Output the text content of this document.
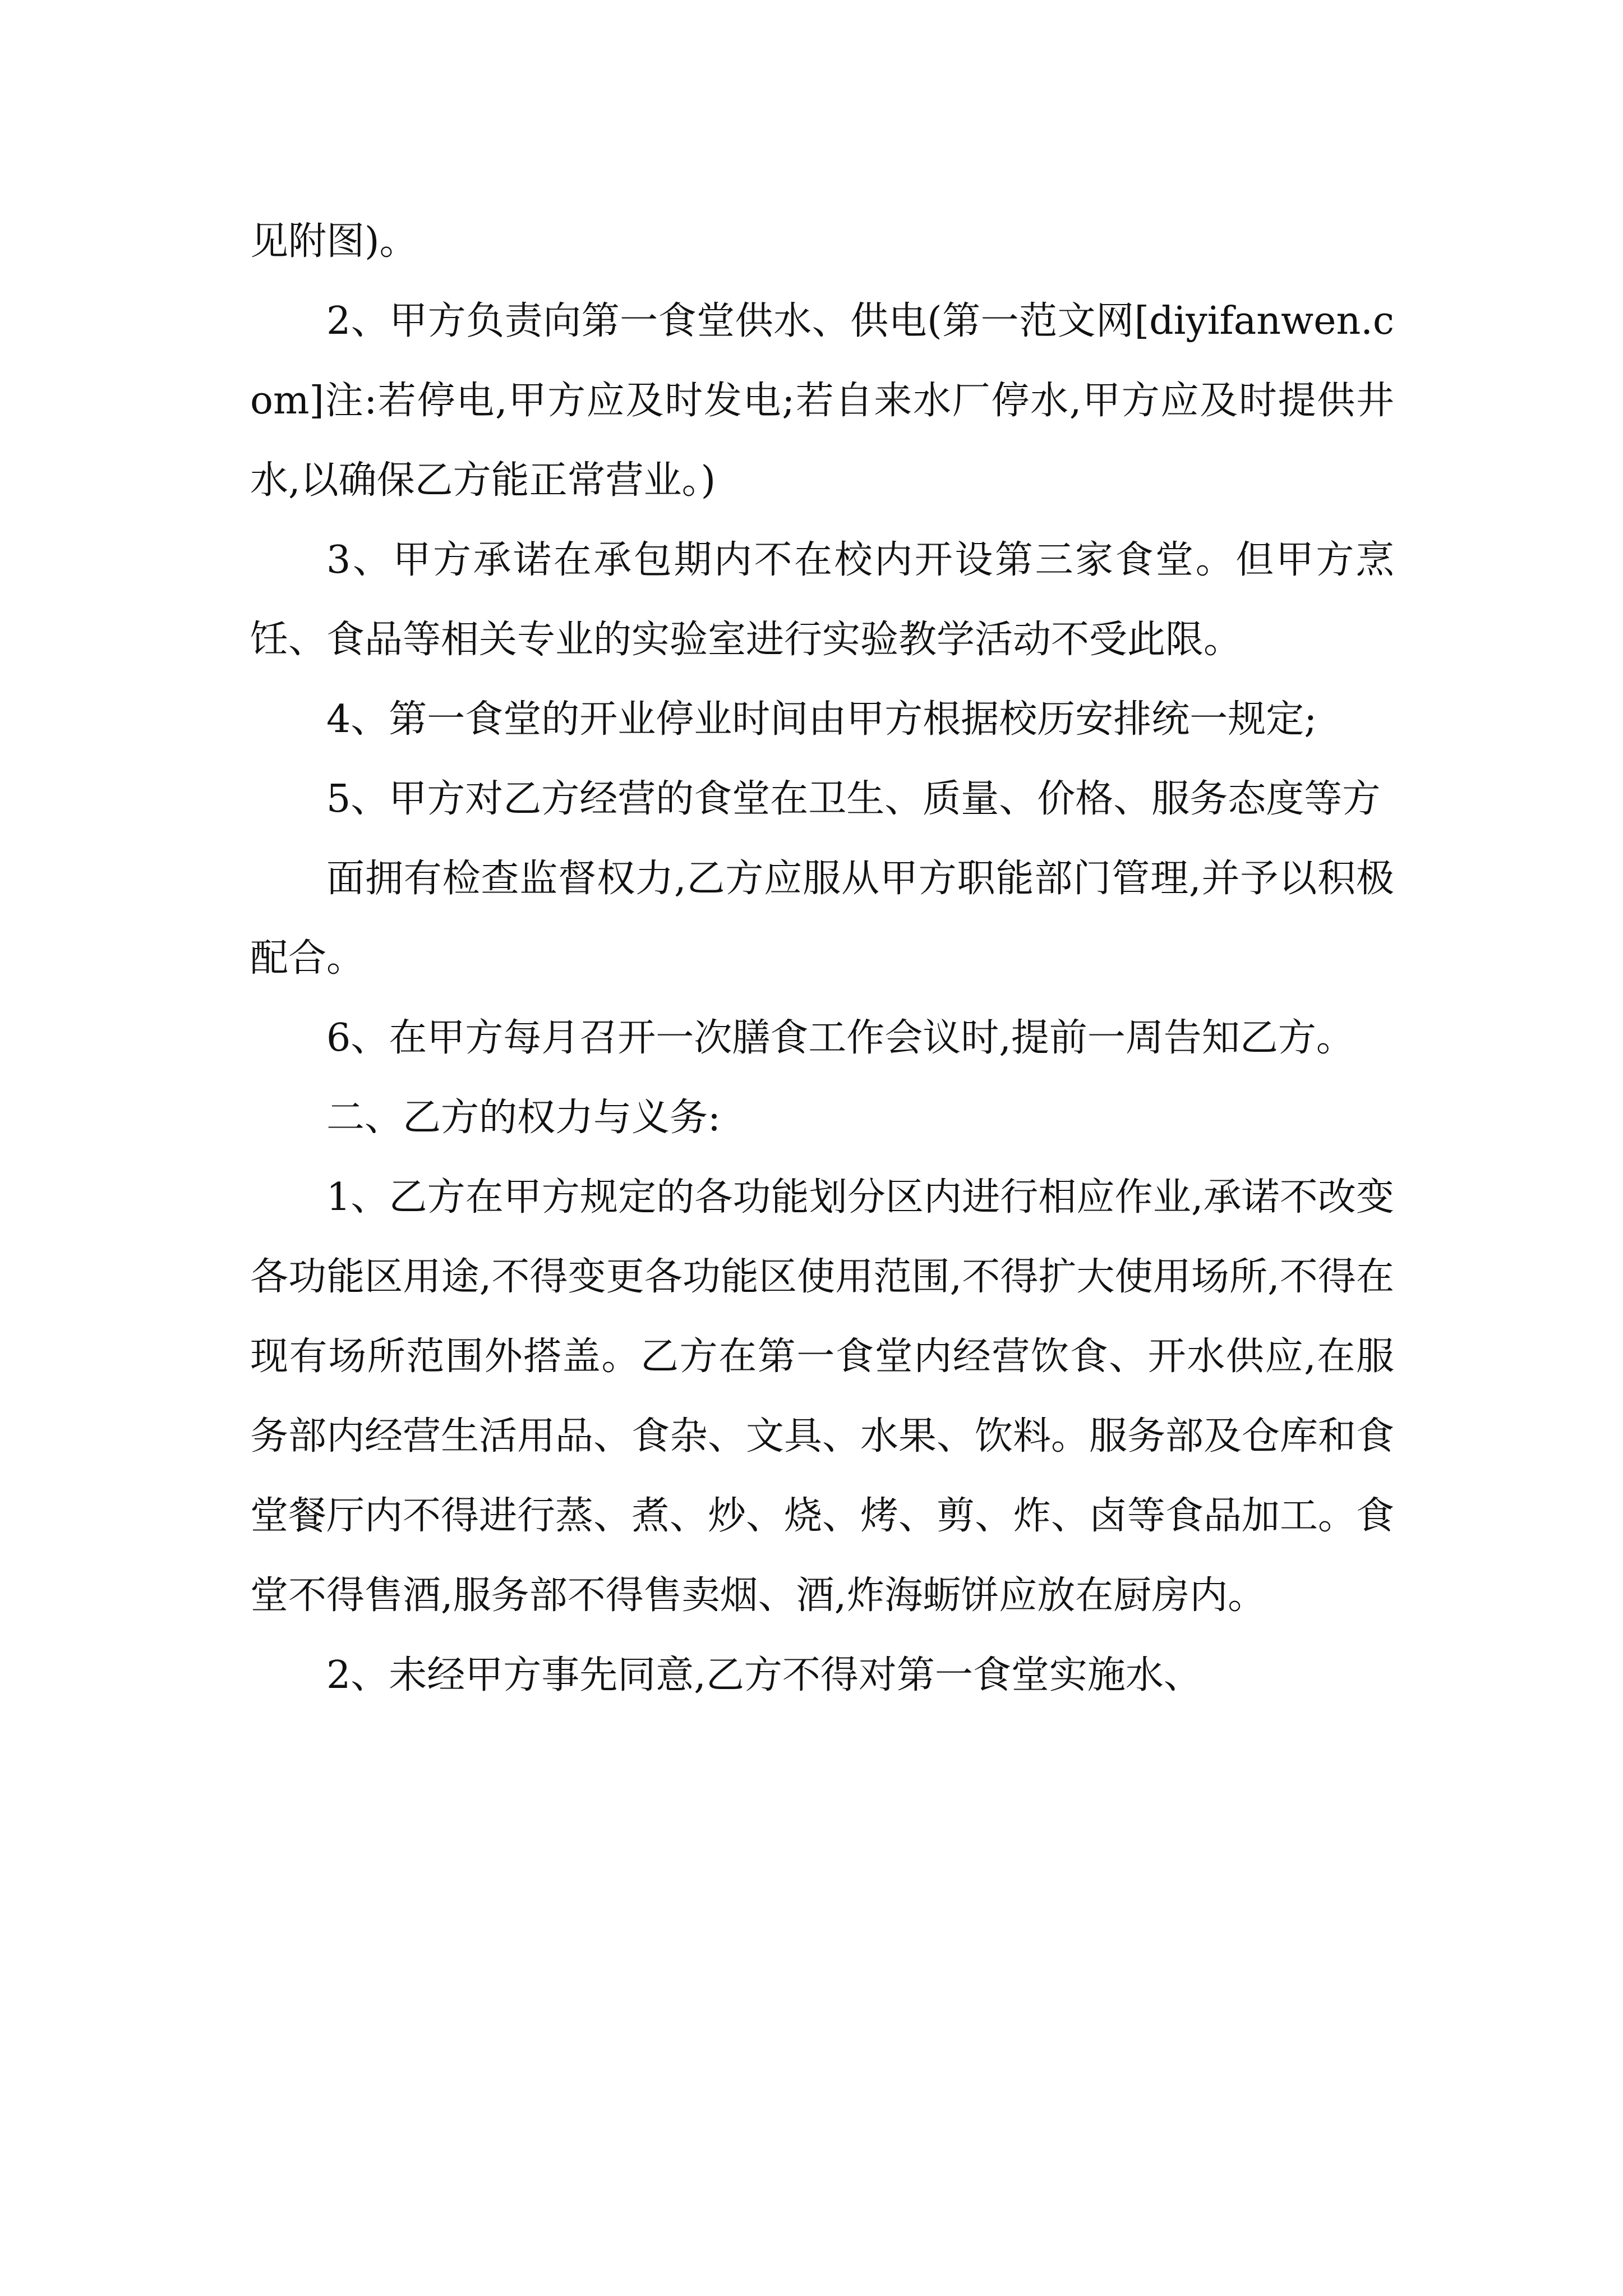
见附图)。

2、甲方负责向第一食堂供水、供电(第一范文网[diyifanwen.com]注:若停电,甲方应及时发电;若自来水厂停水,甲方应及时提供井水,以确保乙方能正常营业。)

3、甲方承诺在承包期内不在校内开设第三家食堂。但甲方烹饪、食品等相关专业的实验室进行实验教学活动不受此限。

4、第一食堂的开业停业时间由甲方根据校历安排统一规定;

5、甲方对乙方经营的食堂在卫生、质量、价格、服务态度等方

面拥有检查监督权力,乙方应服从甲方职能部门管理,并予以积极配合。

6、在甲方每月召开一次膳食工作会议时,提前一周告知乙方。

二、乙方的权力与义务:

1、乙方在甲方规定的各功能划分区内进行相应作业,承诺不改变各功能区用途,不得变更各功能区使用范围,不得扩大使用场所,不得在现有场所范围外搭盖。乙方在第一食堂内经营饮食、开水供应,在服务部内经营生活用品、食杂、文具、水果、饮料。服务部及仓库和食堂餐厅内不得进行蒸、煮、炒、烧、烤、剪、炸、卤等食品加工。食堂不得售酒,服务部不得售卖烟、酒,炸海蛎饼应放在厨房内。

2、未经甲方事先同意,乙方不得对第一食堂实施水、
